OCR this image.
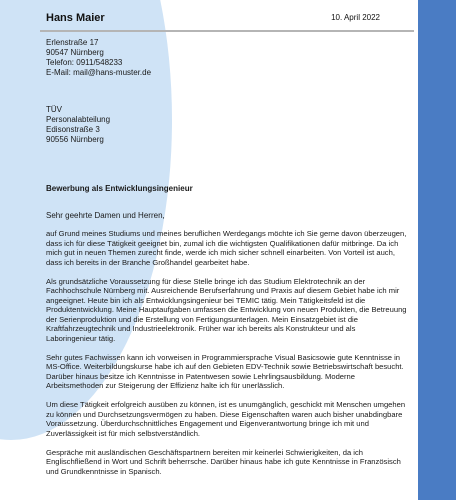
Hans Maier	10. April 2022
Erlenstraße 17
90547 Nürnberg
Telefon: 0911/548233
E-Mail: mail@hans-muster.de
TÜV
Personalabteilung
Edisonstraße 3
90556 Nürnberg
Bewerbung als Entwicklungsingenieur
Sehr geehrte Damen und Herren,

auf Grund meines Studiums und meines beruflichen Werdegangs möchte ich Sie gerne davon überzeugen, dass ich für diese Tätigkeit geeignet bin, zumal ich die wichtigsten Qualifikationen dafür mitbringe. Da ich mich gut in neuen Themen zurecht finde, werde ich mich sicher schnell einarbeiten. Von Vorteil ist auch, dass ich bereits in der Branche Großhandel gearbeitet habe.

Als grundsätzliche Voraussetzung für diese Stelle bringe ich das Studium Elektrotechnik an der Fachhochschule Nürnberg mit. Ausreichende Berufserfahrung und Praxis auf diesem Gebiet habe ich mir angeeignet. Heute bin ich als Entwicklungsingenieur bei TEMIC tätig. Mein Tätigkeitsfeld ist die Produktentwicklung. Meine Hauptaufgaben umfassen die Entwicklung von neuen Produkten, die Betreuung der Serienproduktion und die Erstellung von Fertigungsunterlagen. Mein Einsatzgebiet ist die Kraftfahrzeugtechnik und Industrieelektronik. Früher war ich bereits als Konstrukteur und als Laboringenieur tätig.

Sehr gutes Fachwissen kann ich vorweisen in Programmiersprache Visual Basicsowie gute Kenntnisse in MS-Office. Weiterbildungskurse habe ich auf den Gebieten EDV-Technik sowie Betriebswirtschaft besucht. Darüber hinaus besitze ich Kenntnisse in Patentwesen sowie Lehrlingsausbildung. Moderne Arbeitsmethoden zur Steigerung der Effizienz halte ich für unerlässlich.

Um diese Tätigkeit erfolgreich ausüben zu können, ist es unumgänglich, geschickt mit Menschen umgehen zu können und Durchsetzungsvermögen zu haben. Diese Eigenschaften waren auch bisher unabdingbare Voraussetzung. Überdurchschnittliches Engagement und Eigenverantwortung bringe ich mit und Zuverlässigkeit ist für mich selbstverständlich.

Gespräche mit ausländischen Geschäftspartnern bereiten mir keinerlei Schwierigkeiten, da ich Englischfließend in Wort und Schrift beherrsche. Darüber hinaus habe ich gute Kenntnisse in Französisch und Grundkenntnisse in Spanisch.
